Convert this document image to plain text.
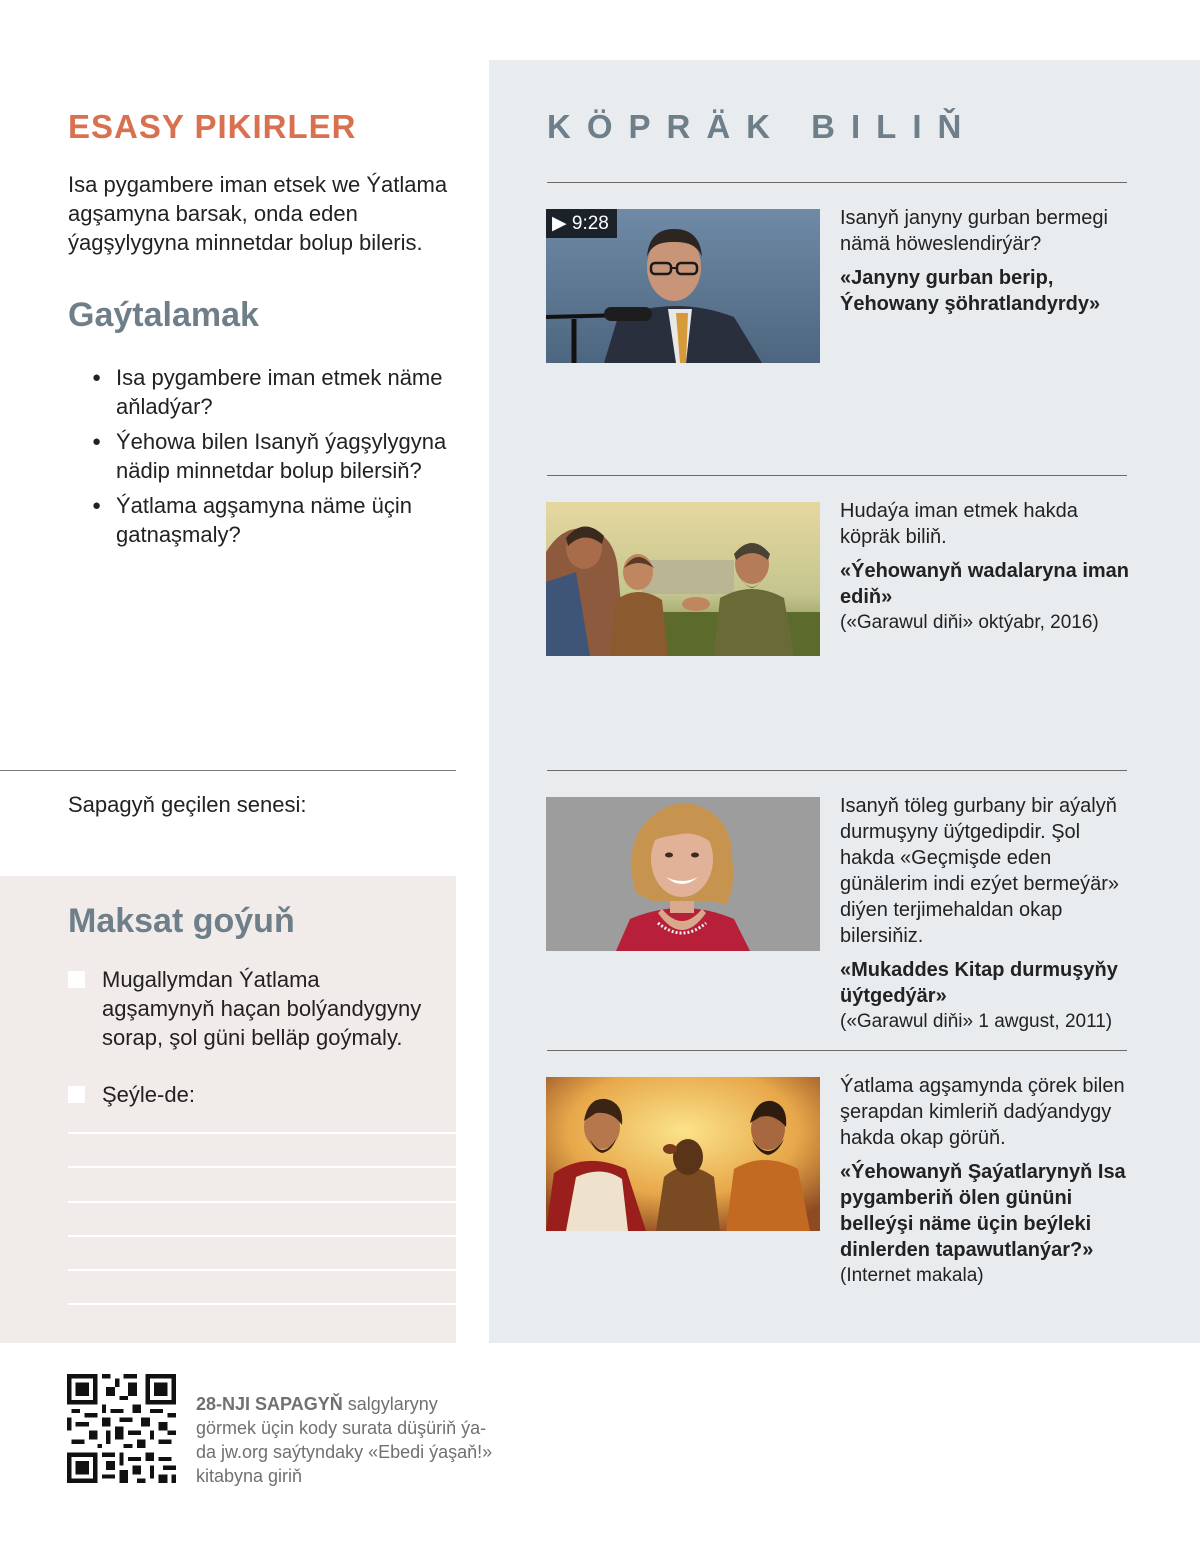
ESASY PIKIRLER
Isa pygambere iman etsek we Ýatlama agşamyna barsak, onda eden ýagşylygyna minnetdar bolup bileris.
Gaýtalamak
● Isa pygambere iman etmek näme aňladýar?
● Ýehowa bilen Isanyň ýagşylygyna nädip minnetdar bolup bilersiň?
● Ýatlama agşamyna näme üçin gatnaşmaly?
Sapagyň geçilen senesi:
Maksat goýuň
Mugallymdan Ýatlama agşamynyň haçan bolýandygyny sorap, şol güni belläp goýmaly.
Şeýle-de:
28-NJI SAPAGYŇ salgylaryny görmek üçin kody surata düşüriň ýa-da jw.org saýtyndaky «Ebedi ýaşaň!» kitabyna giriň
KÖPRÄK BILIŇ
▶ 9:28	Isanyň janyny gurban bermegi nämä höweslendirýär?
«Janyny gurban berip, Ýehowany şöhratlandyrdy»
Hudaýa iman etmek hakda köpräk biliň.
«Ýehowanyň wadalaryna iman ediň»
(«Garawul diňi» oktýabr, 2016)
Isanyň töleg gurbany bir aýalyň durmuşyny üýtgedipdir. Şol hakda «Geçmişde eden günälerim indi ezýet bermeýär» diýen terjimehaldan okap bilersiňiz.
«Mukaddes Kitap durmuşyňy üýtgedýär»
(«Garawul diňi» 1 awgust, 2011)
Ýatlama agşamynda çörek bilen şerapdan kimleriň dadýandygy hakda okap görüň.
«Ýehowanyň Şaýatlarynyň Isa pygamberiň ölen gününi belleýşi näme üçin beýleki dinlerden tapawutlanýar?»
(Internet makala)
